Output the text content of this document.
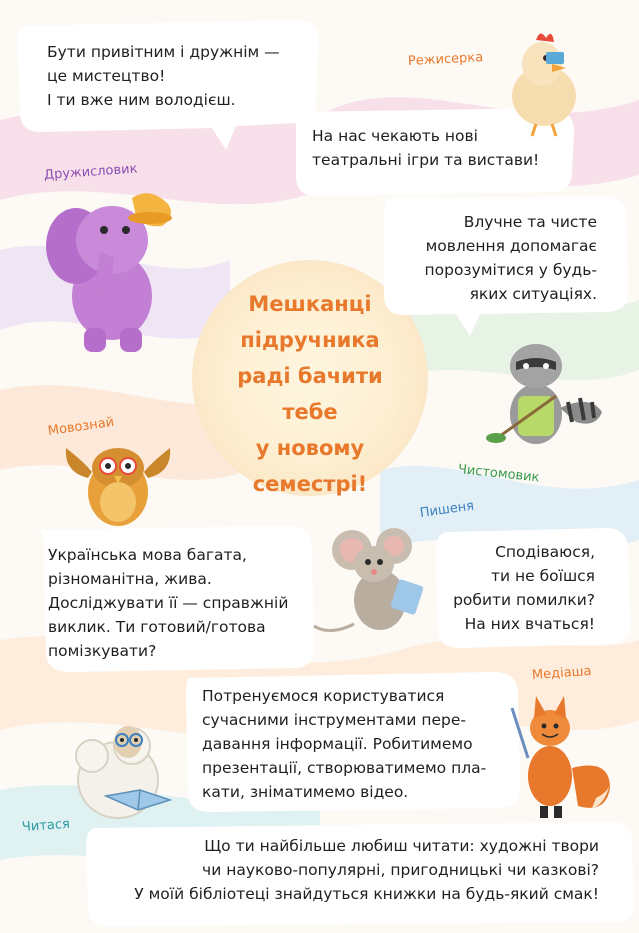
Мешканці
підручника
раді бачити
тебе
у новому
семестрі!
Бути привітним і дружнім —
це мистецтво!
І ти вже ним володієш.
Дружисловик
Режисерка
На нас чекають нові
театральні ігри та вистави!
Влучне та чисте
мовлення допомагає
порозумітися у будь-
яких ситуаціях.
Чистомовик
Мовознай
Українська мова багата,
різноманітна, жива.
Досліджувати її — справжній
виклик. Ти готовий/готова
помізкувати?
Пишеня
Сподіваюся,
ти не боїшся
робити помилки?
На них вчаться!
Медіаша
Потренуємося користуватися
сучасними інструментами пере-
давання інформації. Робитимемо
презентації, створюватимемо пла-
кати, зніматимемо відео.
Читася
Що ти найбільше любиш читати: художні твори
чи науково-популярні, пригодницькі чи казкові?
У моїй бібліотеці знайдуться книжки на будь-який смак!
